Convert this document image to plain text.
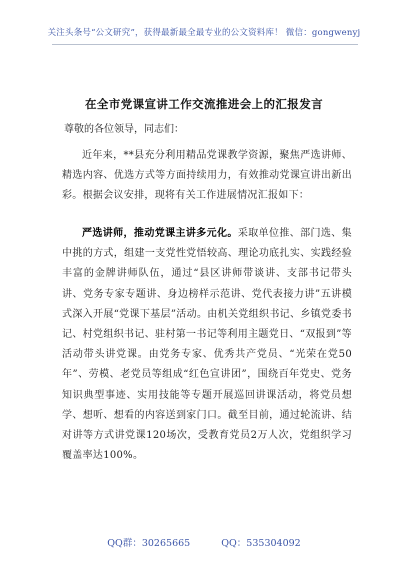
关注头条号“公文研究”，获得最新最全最专业的公文资料库！ 微信：gongwenyj
在全市党课宣讲工作交流推进会上的汇报发言
尊敬的各位领导，同志们：

近年来，**县充分利用精品党课教学资源，聚焦严选讲师、精选内容、优选方式等方面持续用力，有效推动党课宣讲出新出彩。根据会议安排，现将有关工作进展情况汇报如下：

严选讲师，推动党课主讲多元化。采取单位推、部门选、集中挑的方式，组建一支党性党悟较高、理论功底扎实、实践经验丰富的金牌讲师队伍，通过“县区讲师带谈讲、支部书记带头讲、党务专家专题讲、身边榜样示范讲、党代表接力讲”五讲模式深入开展“党课下基层”活动。由机关党组织书记、乡镇党委书记、村党组织书记、驻村第一书记等利用主题党日、“双报到”等活动带头讲党课。由党务专家、优秀共产党员、“光荣在党50年”、劳模、老党员等组成“红色宣讲团”，围绕百年党史、党务知识典型事迹、实用技能等专题开展巡回讲课活动，将党员想学、想听、想看的内容送到家门口。截至目前，通过轮流讲、结对讲等方式讲党课120场次，受教育党员2万人次，党组织学习覆盖率达100%。

QQ群：30265665	QQ：535304092
